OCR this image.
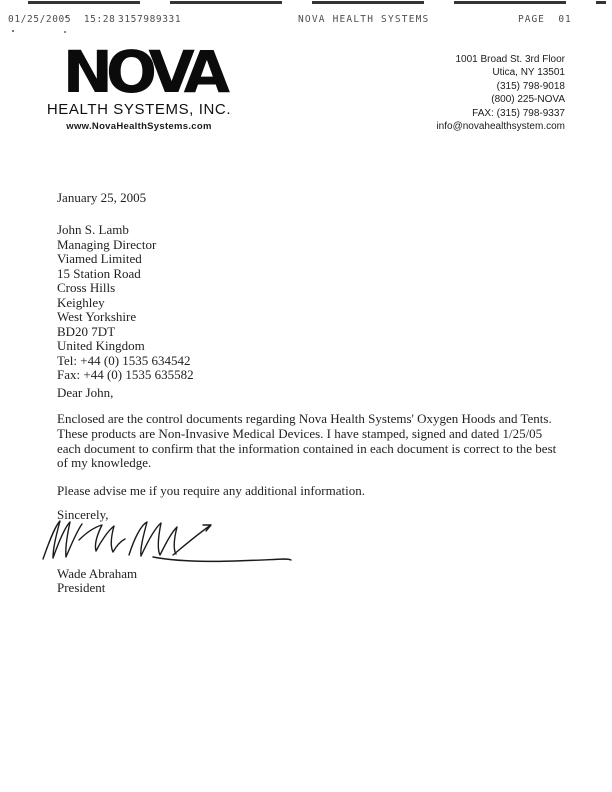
01/25/2005  15:28 3157989331	NOVA HEALTH SYSTEMS	PAGE  01
NOVA
HEALTH SYSTEMS, INC.
www.NovaHealthSystems.com
1001 Broad St. 3rd Floor
Utica, NY 13501
(315) 798-9018
(800) 225-NOVA
FAX: (315) 798-9337
info@novahealthsystem.com
January 25, 2005
John S. Lamb
Managing Director
Viamed Limited
15 Station Road
Cross Hills
Keighley
West Yorkshire
BD20 7DT
United Kingdom
Tel: +44 (0) 1535 634542
Fax: +44 (0) 1535 635582
Dear John,
Enclosed are the control documents regarding Nova Health Systems' Oxygen Hoods and Tents. These products are Non-Invasive Medical Devices. I have stamped, signed and dated 1/25/05 each document to confirm that the information contained in each document is correct to the best of my knowledge.
Please advise me if you require any additional information.
Sincerely,
Wade Abraham
President
